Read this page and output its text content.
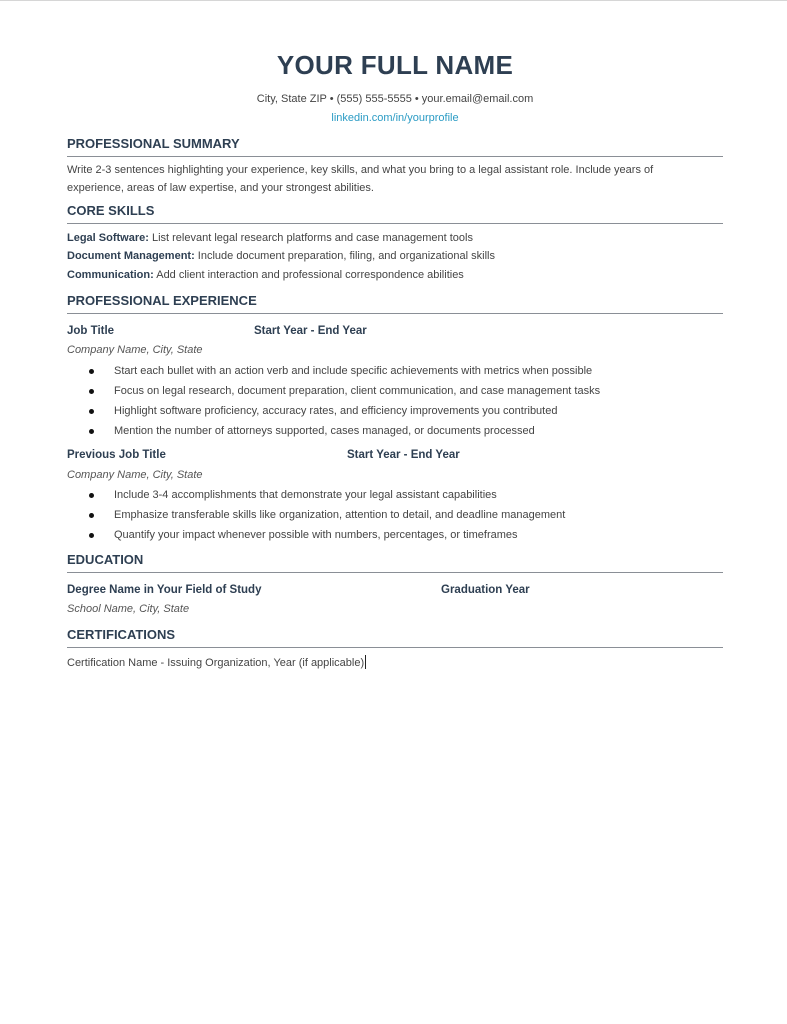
YOUR FULL NAME
City, State ZIP • (555) 555-5555 • your.email@email.com
linkedin.com/in/yourprofile
PROFESSIONAL SUMMARY
Write 2-3 sentences highlighting your experience, key skills, and what you bring to a legal assistant role. Include years of
experience, areas of law expertise, and your strongest abilities.
CORE SKILLS
Legal Software: List relevant legal research platforms and case management tools
Document Management: Include document preparation, filing, and organizational skills
Communication: Add client interaction and professional correspondence abilities
PROFESSIONAL EXPERIENCE
Job Title	Start Year - End Year
Company Name, City, State
Start each bullet with an action verb and include specific achievements with metrics when possible
Focus on legal research, document preparation, client communication, and case management tasks
Highlight software proficiency, accuracy rates, and efficiency improvements you contributed
Mention the number of attorneys supported, cases managed, or documents processed
Previous Job Title	Start Year - End Year
Company Name, City, State
Include 3-4 accomplishments that demonstrate your legal assistant capabilities
Emphasize transferable skills like organization, attention to detail, and deadline management
Quantify your impact whenever possible with numbers, percentages, or timeframes
EDUCATION
Degree Name in Your Field of Study	Graduation Year
School Name, City, State
CERTIFICATIONS
Certification Name - Issuing Organization, Year (if applicable)
